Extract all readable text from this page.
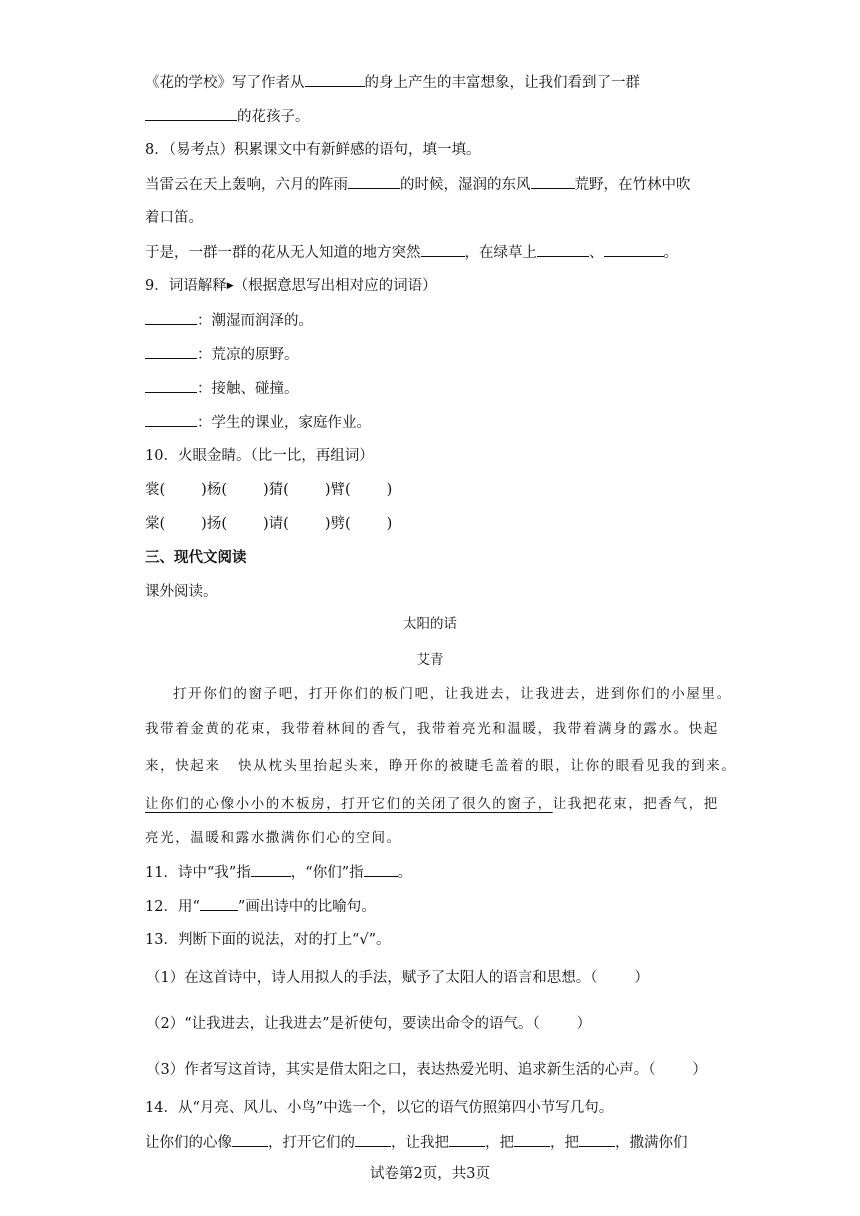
《花的学校》写了作者从	的身上产生的丰富想象，让我们看到了一群
的花孩子。
8．（易考点）积累课文中有新鲜感的语句，填一填。
当雷云在天上轰响，六月的阵雨	的时候，湿润的东风	荒野，在竹林中吹
着口笛。
于是，一群一群的花从无人知道的地方突然	，在绿草上	、	。
9．词语解释▶（根据意思写出相对应的词语）
：潮湿而润泽的。
：荒凉的原野。
：接触、碰撞。
：学生的课业，家庭作业。
10．火眼金睛。（比一比，再组词）
裳( )杨( )猜( )臂( )
棠( )扬( )请( )劈( )
三、现代文阅读
课外阅读。
太阳的话
艾青
打开你们的窗子吧，打开你们的板门吧，让我进去，让我进去，进到你们的小屋里。
我带着金黄的花束，我带着林间的香气，我带着亮光和温暖，我带着满身的露水。快起
来，快起来   快从枕头里抬起头来，睁开你的被睫毛盖着的眼，让你的眼看见我的到来。
让你们的心像小小的木板房，打开它们的关闭了很久的窗子，让我把花束，把香气，把
亮光，温暖和露水撒满你们心的空间。
11．诗中“我”指	，“你们”指 。
12．用“	”画出诗中的比喻句。
13．判断下面的说法，对的打上“√”。
（1）在这首诗中，诗人用拟人的手法，赋予了太阳人的语言和思想。（        ）
（2）“让我进去，让我进去”是祈使句，要读出命令的语气。（        ）
（3）作者写这首诗，其实是借太阳之口，表达热爱光明、追求新生活的心声。（        ）
14．从“月亮、风儿、小鸟”中选一个，以它的语气仿照第四小节写几句。
让你们的心像 ，打开它们的 ，让我把 ，把 ，把 ，撒满你们
试卷第2页，共3页
